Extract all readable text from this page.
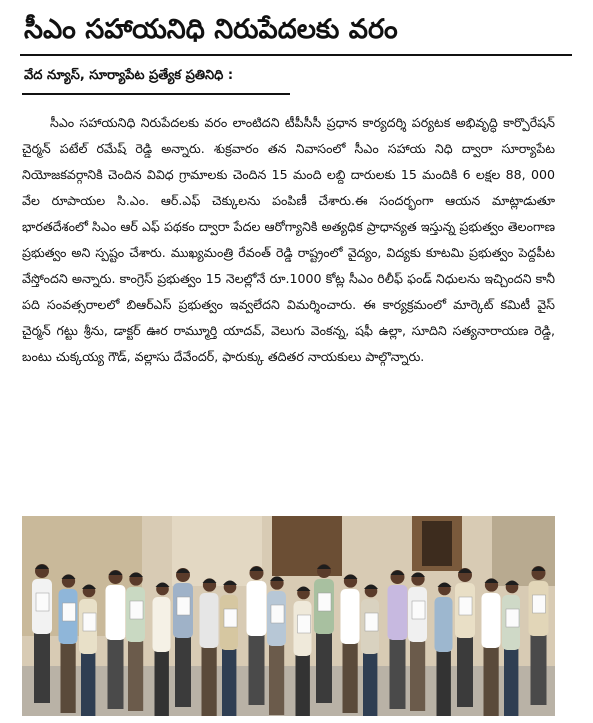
సీఎం సహాయనిధి నిరుపేదలకు వరం
వేద న్యూస్, సూర్యాపేట ప్రత్యేక ప్రతినిధి :

సీఎం సహాయనిధి నిరుపేదలకు వరం లాంటిదని టీపీసీసీ ప్రధాన కార్యదర్శి పర్యటక అభివృద్ధి కార్పొరేషన్ చైర్మన్ పటేల్ రమేష్ రెడ్డి అన్నారు. శుక్రవారం తన నివాసంలో సీఎం సహాయ నిధి ద్వారా సూర్యాపేట నియోజకవర్గానికి చెందిన వివిధ గ్రామాలకు చెందిన 15 మంది లబ్ది దారులకు 15 మందికి 6 లక్షల 88, 000 వేల రూపాయల సి.ఎం. ఆర్.ఎఫ్ చెక్కులను పంపిణీ చేశారు.ఈ సందర్భంగా ఆయన మాట్లాడుతూ భారతదేశంలో సిఎం ఆర్ ఎఫ్ పథకం ద్వారా పేదల ఆరోగ్యానికి అత్యధిక ప్రాధాన్యత ఇస్తున్న ప్రభుత్వం తెలంగాణ ప్రభుత్వం అని స్పష్టం చేశారు. ముఖ్యమంత్రి రేవంత్ రెడ్డి రాష్ట్రంలో వైద్యం, విద్యకు కూటమి ప్రభుత్వం పెద్దపీట వేస్తోందని అన్నారు. కాంగ్రెస్ ప్రభుత్వం 15 నెలల్లోనే రూ.1000 కోట్ల సీఎం రిలీఫ్ ఫండ్ నిధులను ఇచ్చిందని కానీ పది సంవత్సరాలలో బిఆర్ఎస్ ప్రభుత్వం ఇవ్వలేదని విమర్శించారు. ఈ కార్యక్రమంలో మార్కెట్ కమిటీ వైస్ చైర్మన్ గట్టు శ్రీను, డాక్టర్ ఊర రామ్మూర్తి యాదవ్, వెలుగు వెంకన్న, షఫీ ఉల్లా, సూదిని సత్యనారాయణ రెడ్డి, బంటు చుక్కయ్య గౌడ్, వల్లాసు దేవేందర్, ఫారుక్కు తదితర నాయకులు పాల్గొన్నారు.
